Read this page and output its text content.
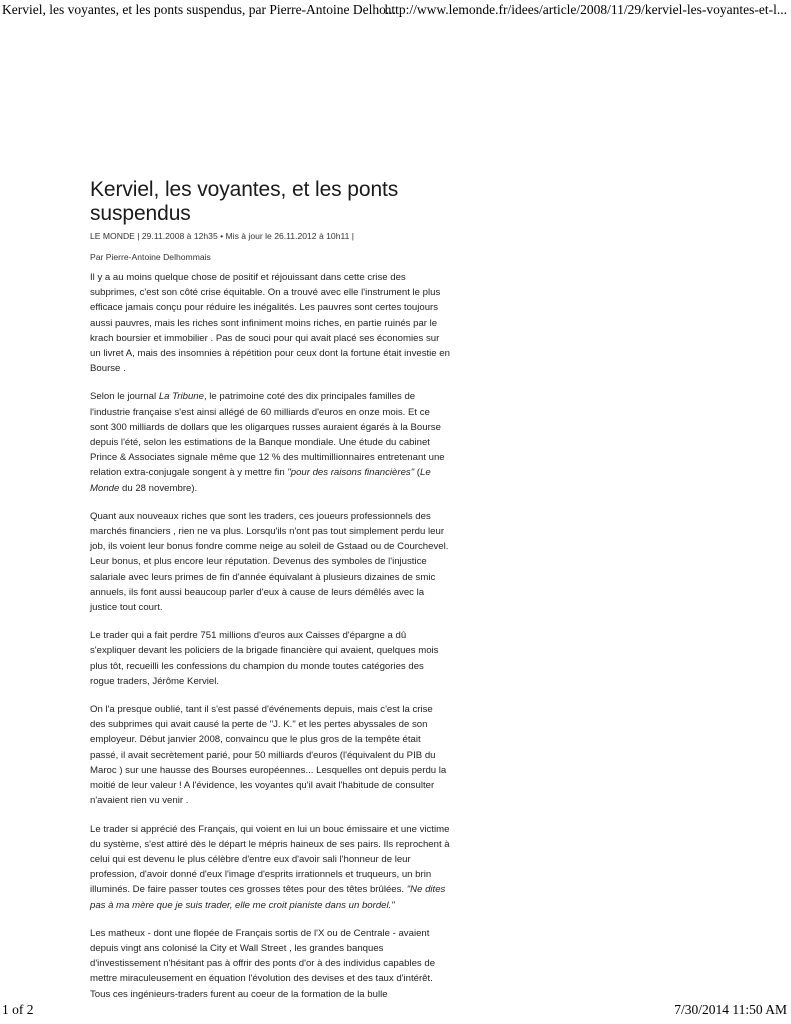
Kerviel, les voyantes, et les ponts suspendus, par Pierre-Antoine Delho...
http://www.lemonde.fr/idees/article/2008/11/29/kerviel-les-voyantes-et-l...
Kerviel, les voyantes, et les ponts suspendus
LE MONDE | 29.11.2008 à 12h35 • Mis à jour le 26.11.2012 à 10h11 |
Par Pierre-Antoine Delhommais

Il y a au moins quelque chose de positif et réjouissant dans cette crise des subprimes, c'est son côté crise équitable. On a trouvé avec elle l'instrument le plus efficace jamais conçu pour réduire les inégalités. Les pauvres sont certes toujours aussi pauvres, mais les riches sont infiniment moins riches, en partie ruinés par le krach boursier et immobilier . Pas de souci pour qui avait placé ses économies sur un livret A, mais des insomnies à répétition pour ceux dont la fortune était investie en Bourse .

Selon le journal La Tribune, le patrimoine coté des dix principales familles de l'industrie française s'est ainsi allégé de 60 milliards d'euros en onze mois. Et ce sont 300 milliards de dollars que les oligarques russes auraient égarés à la Bourse depuis l'été, selon les estimations de la Banque mondiale. Une étude du cabinet Prince & Associates signale même que 12 % des multimillionnaires entretenant une relation extra-conjugale songent à y mettre fin "pour des raisons financières" (Le Monde du 28 novembre).

Quant aux nouveaux riches que sont les traders, ces joueurs professionnels des marchés financiers , rien ne va plus. Lorsqu'ils n'ont pas tout simplement perdu leur job, ils voient leur bonus fondre comme neige au soleil de Gstaad ou de Courchevel. Leur bonus, et plus encore leur réputation. Devenus des symboles de l'injustice salariale avec leurs primes de fin d'année équivalant à plusieurs dizaines de smic annuels, ils font aussi beaucoup parler d'eux à cause de leurs démêlés avec la justice tout court.

Le trader qui a fait perdre 751 millions d'euros aux Caisses d'épargne a dû s'expliquer devant les policiers de la brigade financière qui avaient, quelques mois plus tôt, recueilli les confessions du champion du monde toutes catégories des rogue traders, Jérôme Kerviel.

On l'a presque oublié, tant il s'est passé d'événements depuis, mais c'est la crise des subprimes qui avait causé la perte de "J. K." et les pertes abyssales de son employeur. Début janvier 2008, convaincu que le plus gros de la tempête était passé, il avait secrètement parié, pour 50 milliards d'euros (l'équivalent du PIB du Maroc ) sur une hausse des Bourses européennes... Lesquelles ont depuis perdu la moitié de leur valeur ! A l'évidence, les voyantes qu'il avait l'habitude de consulter n'avaient rien vu venir .

Le trader si apprécié des Français, qui voient en lui un bouc émissaire et une victime du système, s'est attiré dès le départ le mépris haineux de ses pairs. Ils reprochent à celui qui est devenu le plus célèbre d'entre eux d'avoir sali l'honneur de leur profession, d'avoir donné d'eux l'image d'esprits irrationnels et truqueurs, un brin illuminés. De faire passer toutes ces grosses têtes pour des têtes brûlées. "Ne dites pas à ma mère que je suis trader, elle me croit pianiste dans un bordel."

Les matheux - dont une flopée de Français sortis de l'X ou de Centrale - avaient depuis vingt ans colonisé la City et Wall Street , les grandes banques d'investissement n'hésitant pas à offrir des ponts d'or à des individus capables de mettre miraculeusement en équation l'évolution des devises et des taux d'intérêt. Tous ces ingénieurs-traders furent au coeur de la formation de la bulle

1 of 2	7/30/2014 11:50 AM
